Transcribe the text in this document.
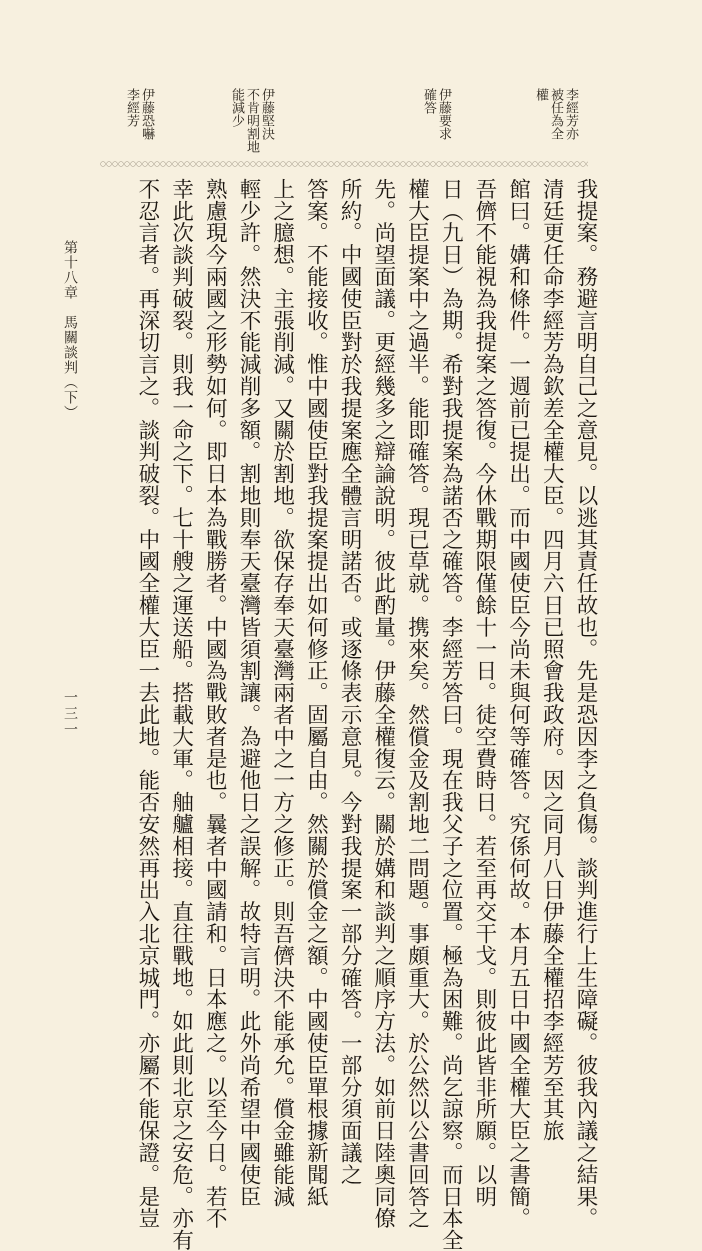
李經芳亦
被任為全
權
伊藤要求
確答
伊藤堅決
不肯明割地
能減少
伊藤恐嚇
李經芳
我提案。務避言明自己之意見。以逃其責任故也。先是恐因李之負傷。談判進行上生障礙。彼我內議之結果。
清廷更任命李經芳為欽差全權大臣。四月六日已照會我政府。因之同月八日伊藤全權招李經芳至其旅
館曰。媾和條件。一週前已提出。而中國使臣今尚未與何等確答。究係何故。本月五日中國全權大臣之書簡。
吾儕不能視為我提案之答復。今休戰期限僅餘十一日。徒空費時日。若至再交干戈。則彼此皆非所願。以明
日（九日）為期。希對我提案為諾否之確答。李經芳答曰。現在我父子之位置。極為困難。尚乞諒察。而日本全
權大臣提案中之過半。能即確答。現已草就。携來矣。然償金及割地二問題。事頗重大。於公然以公書回答之
先。尚望面議。更經幾多之辯論說明。彼此酌量。伊藤全權復云。關於媾和談判之順序方法。如前日陸奧同僚
所約。中國使臣對於我提案應全體言明諾否。或逐條表示意見。今對我提案一部分確答。一部分須面議之
答案。不能接收。惟中國使臣對我提案提出如何修正。固屬自由。然關於償金之額。中國使臣單根據新聞紙
上之臆想。主張削減。又關於割地。欲保存奉天臺灣兩者中之一方之修正。則吾儕決不能承允。償金雖能減
輕少許。然決不能減削多額。割地則奉天臺灣皆須割讓。為避他日之誤解。故特言明。此外尚希望中國使臣
熟慮現今兩國之形勢如何。即日本為戰勝者。中國為戰敗者是也。曩者中國請和。日本應之。以至今日。若不
幸此次談判破裂。則我一命之下。七十艘之運送船。搭載大軍。舳艫相接。直往戰地。如此則北京之安危。亦有
不忍言者。再深切言之。談判破裂。中國全權大臣一去此地。能否安然再出入北京城門。亦屬不能保證。是豈
第十八章　馬關談判（下）
一三一
